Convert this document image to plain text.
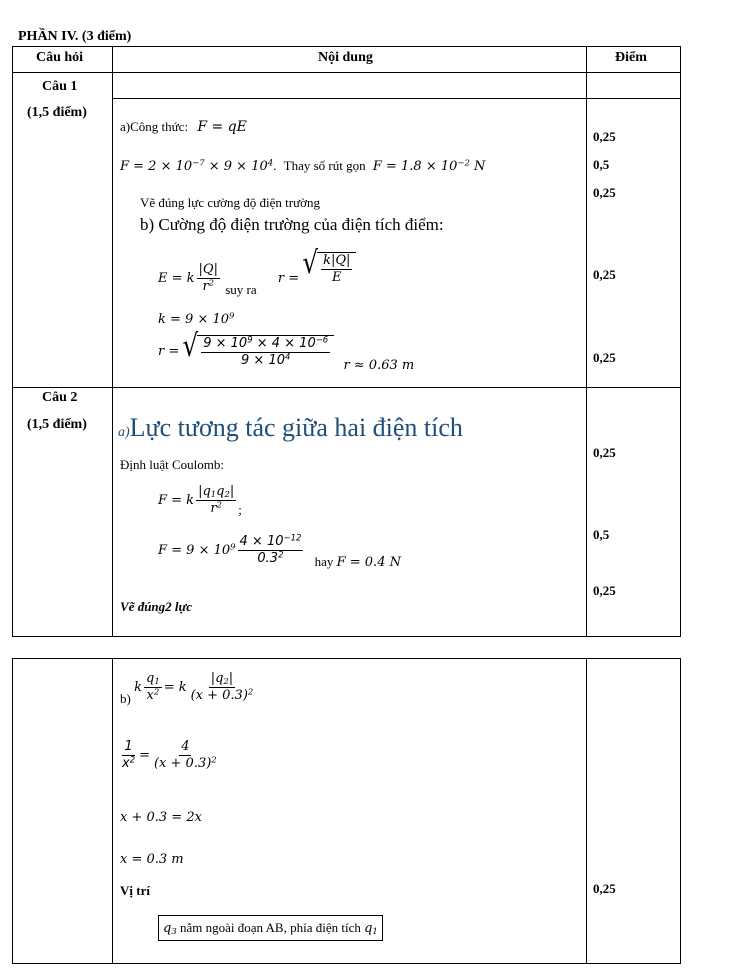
PHẦN IV. (3 điểm)
Câu hỏi	Nội dung	Điểm
Câu 1
(1,5 điểm)
a)Công thức: F = qE
$F = 2 \times 10^{-7} \times 9 \times 10^4$. Thay số rút gọn $F = 1.8 \times 10^{-2}$ N
Vẽ đúng lực cường độ điện trường
b) Cường độ điện trường của điện tích điểm:
E = k $\frac{|Q|}{r^2}$ suy ra r = √ $\frac{k|Q|}{E}$
$k = 9 \times 10^9$
r = √ $\frac{9 \times 10^9 \times 4 \times 10^{-6}}{9 \times 10^4}$ r ≈ 0.63 m
0,25
0,5
0,25
0,25
0,25
Câu 2
(1,5 điểm)
a)Lực tương tác giữa hai điện tích
Định luật Coulomb:
F = k $\frac{|q_1q_2|}{r^2}$ ;
$F = 9 \times 10^9 \frac{4 \times 10^{-12}}{0.3^2}$ hay F = 0.4 N
Vẽ đúng2 lực
0,25
0,5
0,25
b) k $\frac{q_1}{x^2} = k \frac{|q_2|}{(x + 0.3)^2}$
$\frac{1}{x^2} = \frac{4}{(x + 0.3)^2}$
x + 0.3 = 2x
x = 0.3 m
Vị trí
$q_3$
nằm ngoài đoạn AB, phía điện tích
$q_1$
0,25
